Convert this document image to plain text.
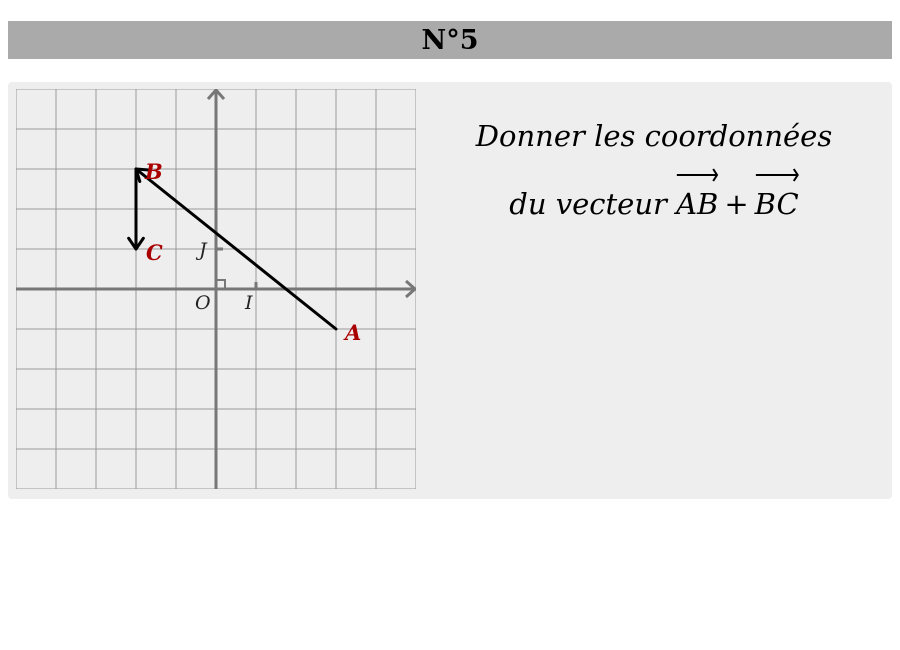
N°5
O I
J
A
B
C
Donner les coordonnées
du vecteur
AB + BC
